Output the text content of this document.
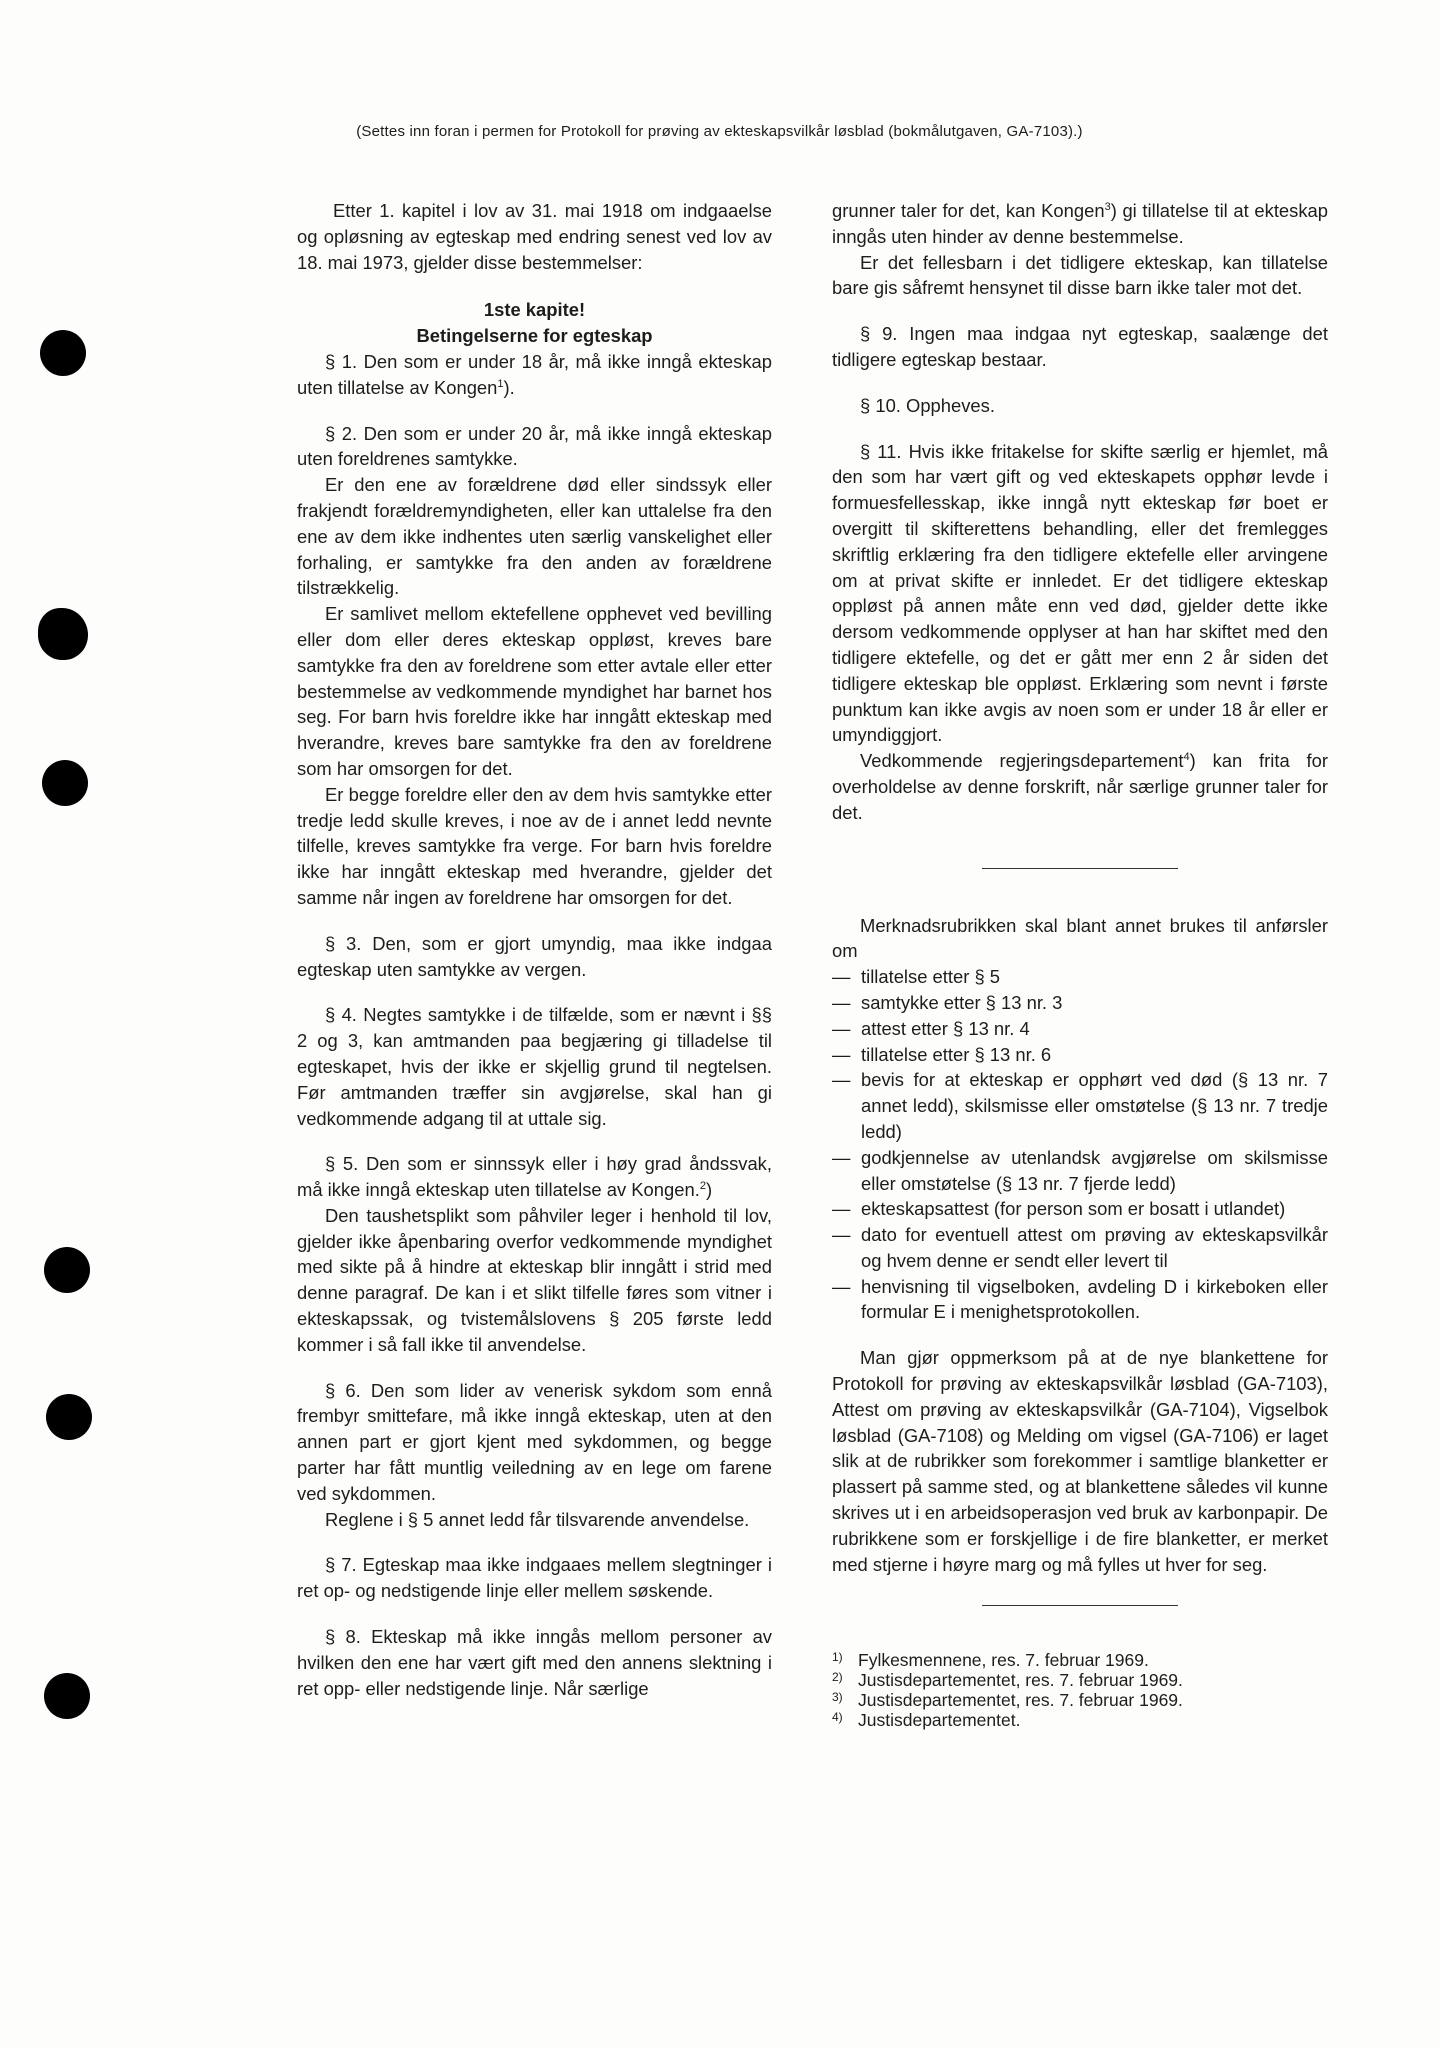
(Settes inn foran i permen for Protokoll for prøving av ekteskapsvilkår løsblad (bokmålutgaven, GA-7103).)

Etter 1. kapitel i lov av 31. mai 1918 om indgaaelse og opløsning av egteskap med endring senest ved lov av 18. mai 1973, gjelder disse bestemmelser:

1ste kapite!

Betingelserne for egteskap

§ 1. Den som er under 18 år, må ikke inngå ekteskap uten tillatelse av Kongen$^1$).

§ 2. Den som er under 20 år, må ikke inngå ekteskap uten foreldrenes samtykke.

Er den ene av forældrene død eller sindssyk eller frakjendt forældremyndigheten, eller kan uttalelse fra den ene av dem ikke indhentes uten særlig vanskelighet eller forhaling, er samtykke fra den anden av forældrene tilstrækkelig.

Er samlivet mellom ektefellene opphevet ved bevilling eller dom eller deres ekteskap oppløst, kreves bare samtykke fra den av foreldrene som etter avtale eller etter bestemmelse av vedkommende myndighet har barnet hos seg. For barn hvis foreldre ikke har inngått ekteskap med hverandre, kreves bare samtykke fra den av foreldrene som har omsorgen for det.

Er begge foreldre eller den av dem hvis samtykke etter tredje ledd skulle kreves, i noe av de i annet ledd nevnte tilfelle, kreves samtykke fra verge. For barn hvis foreldre ikke har inngått ekteskap med hverandre, gjelder det samme når ingen av foreldrene har omsorgen for det.

§ 3. Den, som er gjort umyndig, maa ikke indgaa egteskap uten samtykke av vergen.

§ 4. Negtes samtykke i de tilfælde, som er nævnt i §§ 2 og 3, kan amtmanden paa begjæring gi tilladelse til egteskapet, hvis der ikke er skjellig grund til negtelsen. Før amtmanden træffer sin avgjørelse, skal han gi vedkommende adgang til at uttale sig.

§ 5. Den som er sinnssyk eller i høy grad åndssvak, må ikke inngå ekteskap uten tillatelse av Kongen.$^2$)

Den taushetsplikt som påhviler leger i henhold til lov, gjelder ikke åpenbaring overfor vedkommende myndighet med sikte på å hindre at ekteskap blir inngått i strid med denne paragraf. De kan i et slikt tilfelle føres som vitner i ekteskapssak, og tvistemålslovens § 205 første ledd kommer i så fall ikke til anvendelse.

§ 6. Den som lider av venerisk sykdom som ennå frembyr smittefare, må ikke inngå ekteskap, uten at den annen part er gjort kjent med sykdommen, og begge parter har fått muntlig veiledning av en lege om farene ved sykdommen.

Reglene i § 5 annet ledd får tilsvarende anvendelse.

§ 7. Egteskap maa ikke indgaaes mellem slegtninger i ret op- og nedstigende linje eller mellem søskende.

§ 8. Ekteskap må ikke inngås mellom personer av hvilken den ene har vært gift med den annens slektning i ret opp- eller nedstigende linje. Når særlige

grunner taler for det, kan Kongen$^3$) gi tillatelse til at ekteskap inngås uten hinder av denne bestemmelse.

Er det fellesbarn i det tidligere ekteskap, kan tillatelse bare gis såfremt hensynet til disse barn ikke taler mot det.

§ 9. Ingen maa indgaa nyt egteskap, saalænge det tidligere egteskap bestaar.

§ 10. Oppheves.

§ 11. Hvis ikke fritakelse for skifte særlig er hjemlet, må den som har vært gift og ved ekteskapets opphør levde i formuesfellesskap, ikke inngå nytt ekteskap før boet er overgitt til skifterettens behandling, eller det fremlegges skriftlig erklæring fra den tidligere ektefelle eller arvingene om at privat skifte er innledet. Er det tidligere ekteskap oppløst på annen måte enn ved død, gjelder dette ikke dersom vedkommende opplyser at han har skiftet med den tidligere ektefelle, og det er gått mer enn 2 år siden det tidligere ekteskap ble oppløst. Erklæring som nevnt i første punktum kan ikke avgis av noen som er under 18 år eller er umyndiggjort.

Vedkommende regjeringsdepartement$^4$) kan frita for overholdelse av denne forskrift, når særlige grunner taler for det.

Merknadsrubrikken skal blant annet brukes til anførsler om

— tillatelse etter § 5
— samtykke etter § 13 nr. 3
— attest etter § 13 nr. 4
— tillatelse etter § 13 nr. 6
— bevis for at ekteskap er opphørt ved død (§ 13 nr. 7 annet ledd), skilsmisse eller omstøtelse (§ 13 nr. 7 tredje ledd)
— godkjennelse av utenlandsk avgjørelse om skilsmisse eller omstøtelse (§ 13 nr. 7 fjerde ledd)
— ekteskapsattest (for person som er bosatt i utlandet)
— dato for eventuell attest om prøving av ekteskapsvilkår og hvem denne er sendt eller levert til
— henvisning til vigselboken, avdeling D i kirkeboken eller formular E i menighetsprotokollen.

Man gjør oppmerksom på at de nye blankettene for Protokoll for prøving av ekteskapsvilkår løsblad (GA-7103), Attest om prøving av ekteskapsvilkår (GA-7104), Vigselbok løsblad (GA-7108) og Melding om vigsel (GA-7106) er laget slik at de rubrikker som forekommer i samtlige blanketter er plassert på samme sted, og at blankettene således vil kunne skrives ut i en arbeidsoperasjon ved bruk av karbonpapir. De rubrikkene som er forskjellige i de fire blanketter, er merket med stjerne i høyre marg og må fylles ut hver for seg.

1) Fylkesmennene, res. 7. februar 1969.
2) Justisdepartementet, res. 7. februar 1969.
3) Justisdepartementet, res. 7. februar 1969.
4) Justisdepartementet.
